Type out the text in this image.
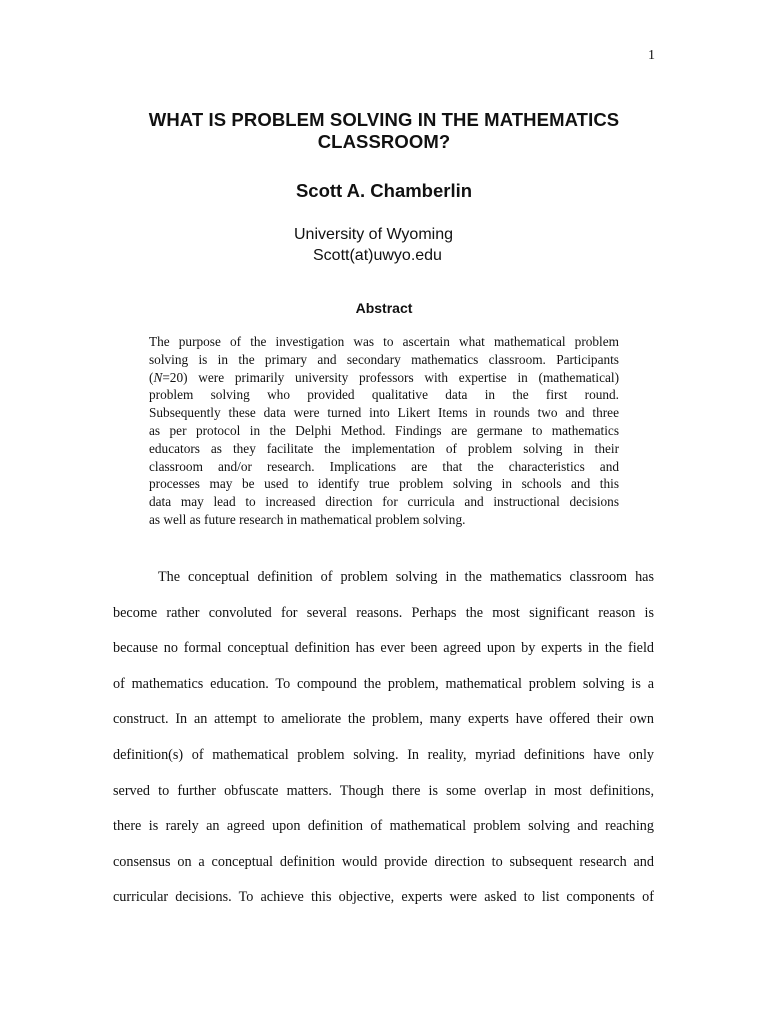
1
WHAT IS PROBLEM SOLVING IN THE MATHEMATICS
CLASSROOM?
Scott A. Chamberlin
University of Wyoming
Scott(at)uwyo.edu
Abstract
The purpose of the investigation was to ascertain what mathematical problem
solving is in the primary and secondary mathematics classroom. Participants
(N=20) were primarily university professors with expertise in (mathematical)
problem solving who provided qualitative data in the first round.
Subsequently these data were turned into Likert Items in rounds two and three
as per protocol in the Delphi Method. Findings are germane to mathematics
educators as they facilitate the implementation of problem solving in their
classroom and/or research. Implications are that the characteristics and
processes may be used to identify true problem solving in schools and this
data may lead to increased direction for curricula and instructional decisions
as well as future research in mathematical problem solving.
The conceptual definition of problem solving in the mathematics classroom has
become rather convoluted for several reasons. Perhaps the most significant reason is
because no formal conceptual definition has ever been agreed upon by experts in the field
of mathematics education. To compound the problem, mathematical problem solving is a
construct. In an attempt to ameliorate the problem, many experts have offered their own
definition(s) of mathematical problem solving. In reality, myriad definitions have only
served to further obfuscate matters. Though there is some overlap in most definitions,
there is rarely an agreed upon definition of mathematical problem solving and reaching
consensus on a conceptual definition would provide direction to subsequent research and
curricular decisions. To achieve this objective, experts were asked to list components of
